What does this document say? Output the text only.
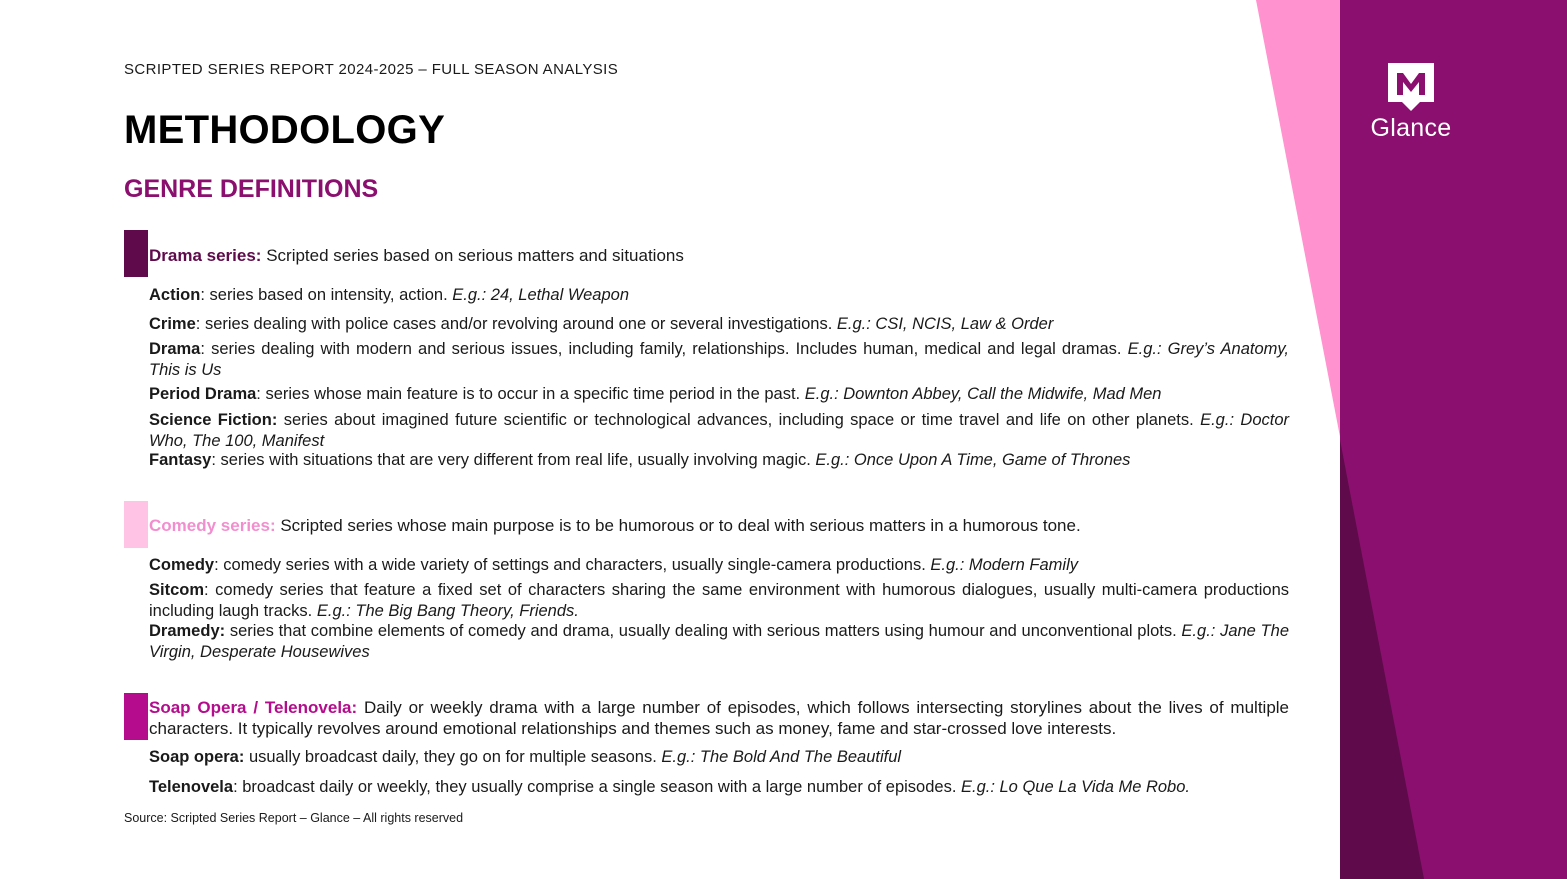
Glance
SCRIPTED SERIES REPORT 2024-2025 – FULL SEASON ANALYSIS
METHODOLOGY
GENRE DEFINITIONS

Drama series: Scripted series based on serious matters and situations

Action: series based on intensity, action. E.g.: 24, Lethal Weapon

Crime: series dealing with police cases and/or revolving around one or several investigations. E.g.: CSI, NCIS, Law & Order

Drama: series dealing with modern and serious issues, including family, relationships. Includes human, medical and legal dramas. E.g.: Grey’s Anatomy, This is Us

Period Drama: series whose main feature is to occur in a specific time period in the past. E.g.: Downton Abbey, Call the Midwife, Mad Men

Science Fiction: series about imagined future scientific or technological advances, including space or time travel and life on other planets. E.g.: Doctor Who, The 100, Manifest

Fantasy: series with situations that are very different from real life, usually involving magic. E.g.: Once Upon A Time, Game of Thrones

Comedy series: Scripted series whose main purpose is to be humorous or to deal with serious matters in a humorous tone.

Comedy: comedy series with a wide variety of settings and characters, usually single-camera productions. E.g.: Modern Family

Sitcom: comedy series that feature a fixed set of characters sharing the same environment with humorous dialogues, usually multi-camera productions including laugh tracks. E.g.: The Big Bang Theory, Friends.

Dramedy: series that combine elements of comedy and drama, usually dealing with serious matters using humour and unconventional plots. E.g.: Jane The Virgin, Desperate Housewives

Soap Opera / Telenovela: Daily or weekly drama with a large number of episodes, which follows intersecting storylines about the lives of multiple characters. It typically revolves around emotional relationships and themes such as money, fame and star-crossed love interests.

Soap opera: usually broadcast daily, they go on for multiple seasons. E.g.: The Bold And The Beautiful

Telenovela: broadcast daily or weekly, they usually comprise a single season with a large number of episodes. E.g.: Lo Que La Vida Me Robo.

Source: Scripted Series Report – Glance – All rights reserved
